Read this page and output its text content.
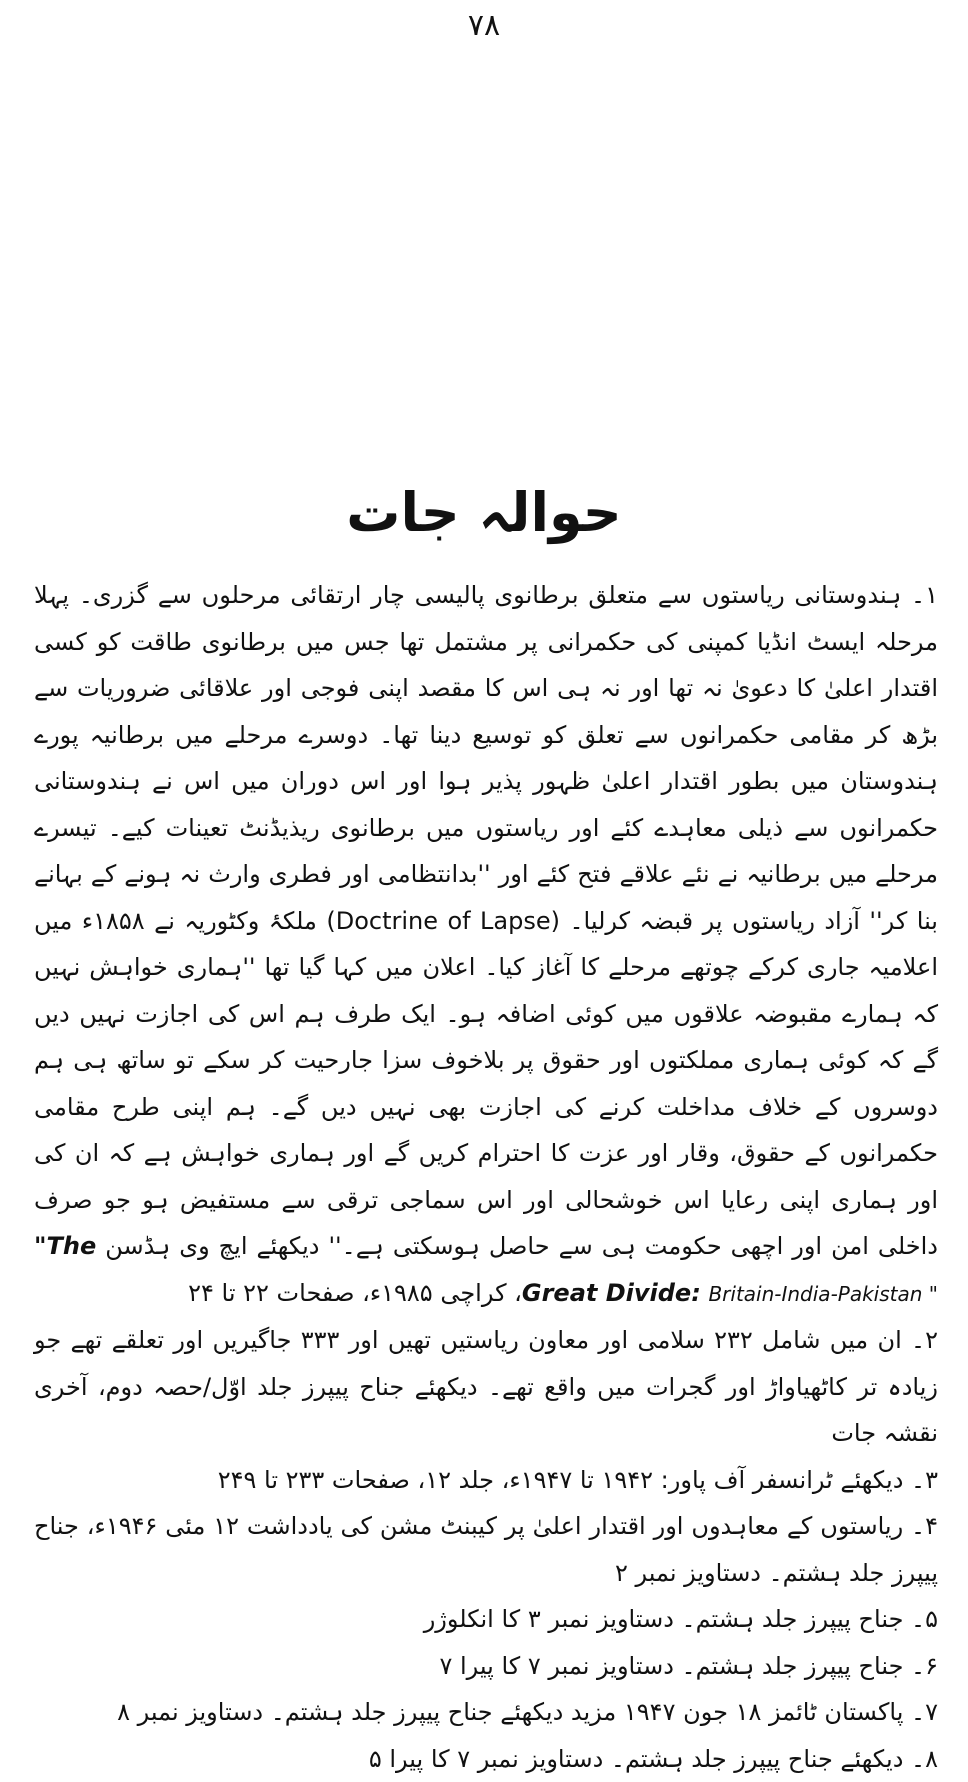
۷۸
حوالہ جات

۱۔ ہندوستانی ریاستوں سے متعلق برطانوی پالیسی چار ارتقائی مرحلوں سے گزری۔ پہلا مرحلہ ایسٹ انڈیا کمپنی کی حکمرانی پر مشتمل تھا جس میں برطانوی طاقت کو کسی اقتدار اعلیٰ کا دعویٰ نہ تھا اور نہ ہی اس کا مقصد اپنی فوجی اور علاقائی ضروریات سے بڑھ کر مقامی حکمرانوں سے تعلق کو توسیع دینا تھا۔ دوسرے مرحلے میں برطانیہ پورے ہندوستان میں بطور اقتدار اعلیٰ ظہور پذیر ہوا اور اس دوران میں اس نے ہندوستانی حکمرانوں سے ذیلی معاہدے کئے اور ریاستوں میں برطانوی ریذیڈنٹ تعینات کیے۔ تیسرے مرحلے میں برطانیہ نے نئے علاقے فتح کئے اور ''بدانتظامی اور فطری وارث نہ ہونے کے بہانے بنا کر'' آزاد ریاستوں پر قبضہ کرلیا۔ (Doctrine of Lapse) ملکۂ وکٹوریہ نے ۱۸۵۸ء میں اعلامیہ جاری کرکے چوتھے مرحلے کا آغاز کیا۔ اعلان میں کہا گیا تھا ''ہماری خواہش نہیں کہ ہمارے مقبوضہ علاقوں میں کوئی اضافہ ہو۔ ایک طرف ہم اس کی اجازت نہیں دیں گے کہ کوئی ہماری مملکتوں اور حقوق پر بلاخوف سزا جارحیت کر سکے تو ساتھ ہی ہم دوسروں کے خلاف مداخلت کرنے کی اجازت بھی نہیں دیں گے۔ ہم اپنی طرح مقامی حکمرانوں کے حقوق، وقار اور عزت کا احترام کریں گے اور ہماری خواہش ہے کہ ان کی اور ہماری اپنی رعایا اس خوشحالی اور اس سماجی ترقی سے مستفیض ہو جو صرف داخلی امن اور اچھی حکومت ہی سے حاصل ہوسکتی ہے۔'' دیکھئے ایچ وی ہڈسن "The Great Divide: Britain-India-Pakistan "، کراچی ۱۹۸۵ء، صفحات ۲۲ تا ۲۴

۲۔ ان میں شامل ۲۳۲ سلامی اور معاون ریاستیں تھیں اور ۳۳۳ جاگیریں اور تعلقے تھے جو زیادہ تر کاٹھیاواڑ اور گجرات میں واقع تھے۔ دیکھئے جناح پیپرز جلد اوّل/حصہ دوم، آخری نقشہ جات

۳۔ دیکھئے ٹرانسفر آف پاور: ۱۹۴۲ تا ۱۹۴۷ء، جلد ۱۲، صفحات ۲۳۳ تا ۲۴۹

۴۔ ریاستوں کے معاہدوں اور اقتدار اعلیٰ پر کیبنٹ مشن کی یادداشت ۱۲ مئی ۱۹۴۶ء، جناح پیپرز جلد ہشتم۔ دستاویز نمبر ۲

۵۔ جناح پیپرز جلد ہشتم۔ دستاویز نمبر ۳ کا انکلوژر

۶۔ جناح پیپرز جلد ہشتم۔ دستاویز نمبر ۷ کا پیرا ۷

۷۔ پاکستان ٹائمز ۱۸ جون ۱۹۴۷ مزید دیکھئے جناح پیپرز جلد ہشتم۔ دستاویز نمبر ۸

۸۔ دیکھئے جناح پیپرز جلد ہشتم۔ دستاویز نمبر ۷ کا پیرا ۵
